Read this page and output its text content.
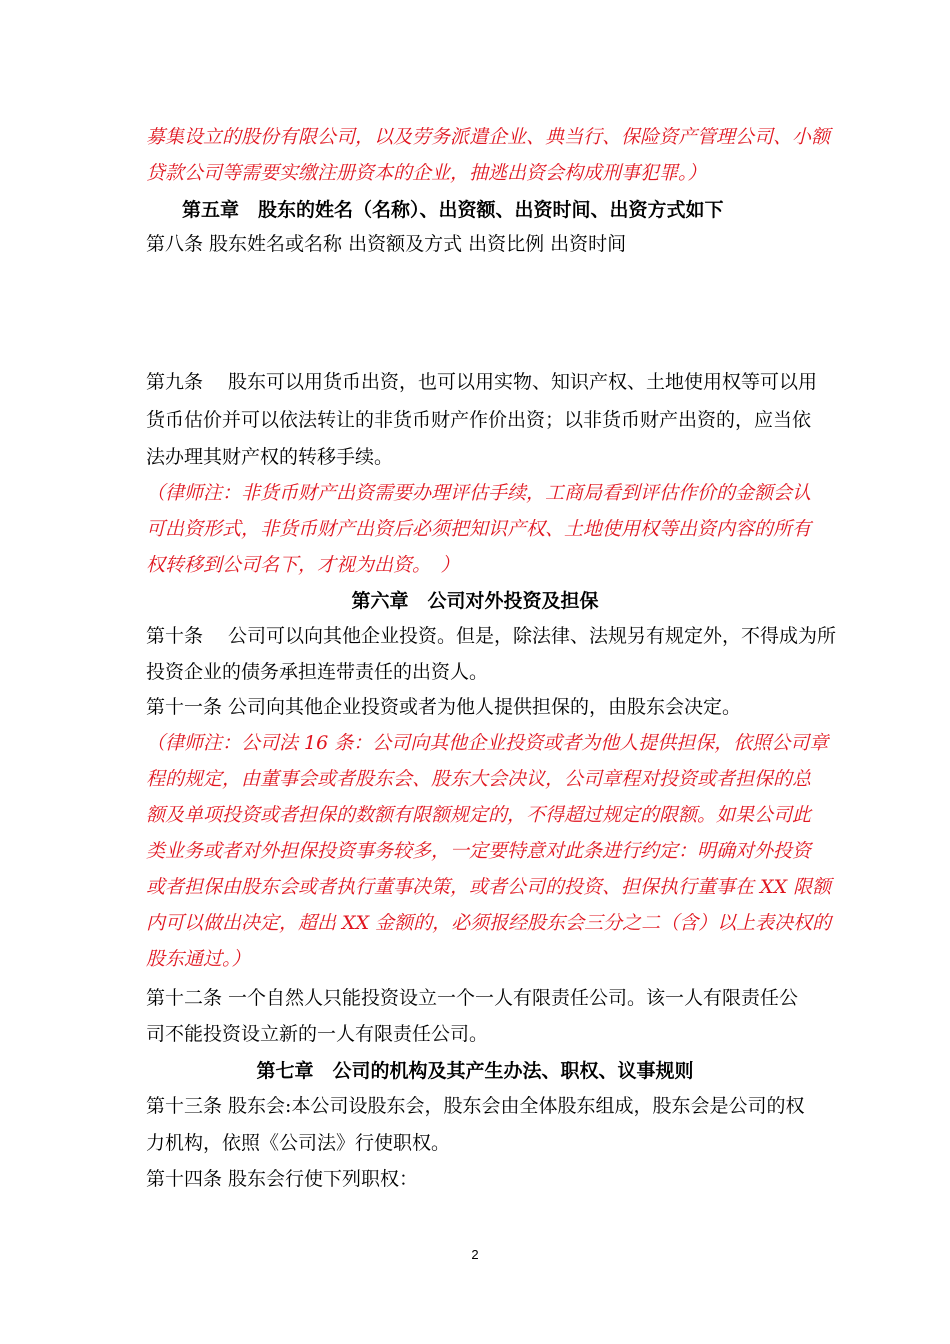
募集设立的股份有限公司，以及劳务派遣企业、典当行、保险资产管理公司、小额
贷款公司等需要实缴注册资本的企业，抽逃出资会构成刑事犯罪。）
第五章　股东的姓名（名称）、出资额、出资时间、出资方式如下
第八条 股东姓名或名称 出资额及方式 出资比例 出资时间
第九条　 股东可以用货币出资，也可以用实物、知识产权、土地使用权等可以用
货币估价并可以依法转让的非货币财产作价出资；以非货币财产出资的，应当依
法办理其财产权的转移手续。
（律师注：非货币财产出资需要办理评估手续，工商局看到评估作价的金额会认
可出资形式，非货币财产出资后必须把知识产权、土地使用权等出资内容的所有
权转移到公司名下，才视为出资。　）
第六章　公司对外投资及担保
第十条　 公司可以向其他企业投资。但是，除法律、法规另有规定外，不得成为所
投资企业的债务承担连带责任的出资人。
第十一条 公司向其他企业投资或者为他人提供担保的，由股东会决定。
（律师注：公司法 16 条：公司向其他企业投资或者为他人提供担保，依照公司章
程的规定，由董事会或者股东会、股东大会决议，公司章程对投资或者担保的总
额及单项投资或者担保的数额有限额规定的，不得超过规定的限额。如果公司此
类业务或者对外担保投资事务较多，一定要特意对此条进行约定：明确对外投资
或者担保由股东会或者执行董事决策，或者公司的投资、担保执行董事在 XX 限额
内可以做出决定，超出 XX 金额的，必须报经股东会三分之二（含）以上表决权的
股东通过。）
第十二条 一个自然人只能投资设立一个一人有限责任公司。该一人有限责任公
司不能投资设立新的一人有限责任公司。
第七章　公司的机构及其产生办法、职权、议事规则
第十三条 股东会:本公司设股东会，股东会由全体股东组成，股东会是公司的权
力机构，依照《公司法》行使职权。
第十四条 股东会行使下列职权：
2
